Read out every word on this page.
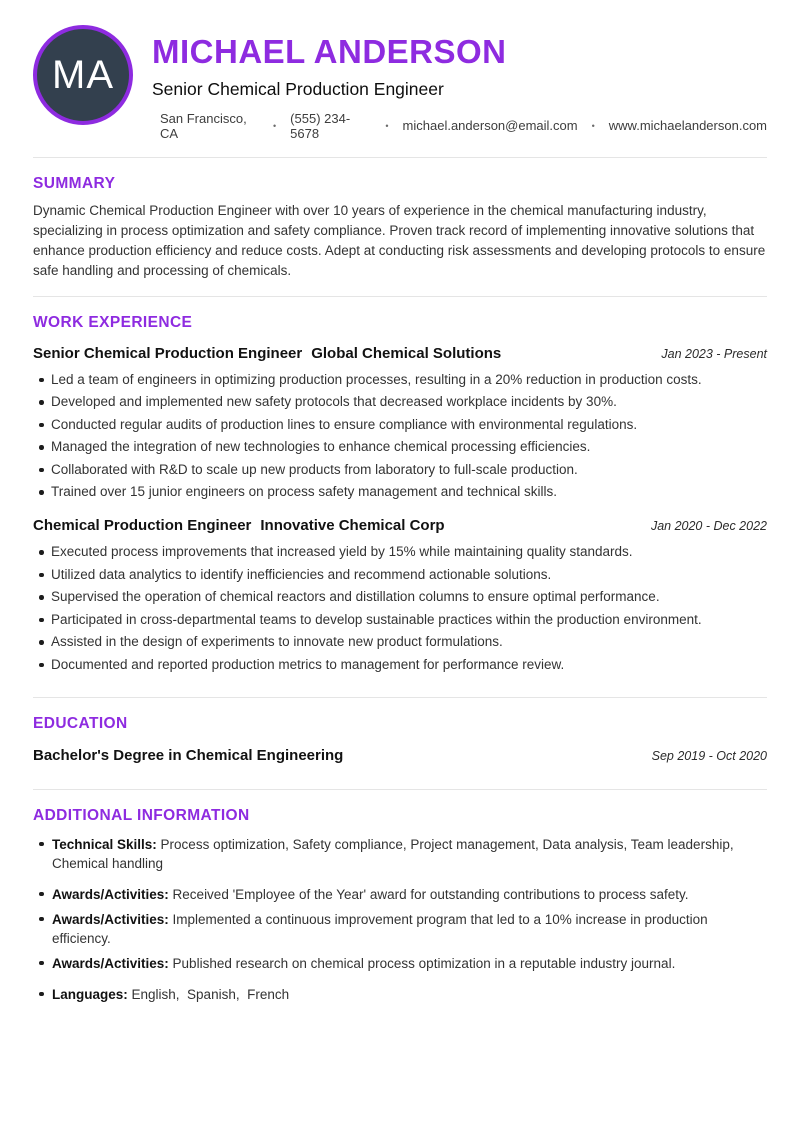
MA
MICHAEL ANDERSON
Senior Chemical Production Engineer
San Francisco, CA	• (555) 234-5678	• michael.anderson@email.com • www.michaelanderson.com
SUMMARY

Dynamic Chemical Production Engineer with over 10 years of experience in the chemical manufacturing industry, specializing in process optimization and safety compliance. Proven track record of implementing innovative solutions that enhance production efficiency and reduce costs. Adept at conducting risk assessments and developing protocols to ensure safe handling and processing of chemicals.

WORK EXPERIENCE
Senior Chemical Production Engineer Global Chemical Solutions	Jan 2023 - Present
Led a team of engineers in optimizing production processes, resulting in a 20% reduction in production costs.
Developed and implemented new safety protocols that decreased workplace incidents by 30%.
Conducted regular audits of production lines to ensure compliance with environmental regulations.
Managed the integration of new technologies to enhance chemical processing efficiencies.
Collaborated with R&D to scale up new products from laboratory to full-scale production.
Trained over 15 junior engineers on process safety management and technical skills.
Chemical Production Engineer Innovative Chemical Corp	Jan 2020 - Dec 2022
Executed process improvements that increased yield by 15% while maintaining quality standards.
Utilized data analytics to identify inefficiencies and recommend actionable solutions.
Supervised the operation of chemical reactors and distillation columns to ensure optimal performance.
Participated in cross-departmental teams to develop sustainable practices within the production environment.
Assisted in the design of experiments to innovate new product formulations.
Documented and reported production metrics to management for performance review.
EDUCATION
Bachelor's Degree in Chemical Engineering	Sep 2019 - Oct 2020
ADDITIONAL INFORMATION
Technical Skills: Process optimization, Safety compliance, Project management, Data analysis, Team leadership, Chemical handling
Awards/Activities: Received 'Employee of the Year' award for outstanding contributions to process safety.
Awards/Activities: Implemented a continuous improvement program that led to a 10% increase in production efficiency.
Awards/Activities: Published research on chemical process optimization in a reputable industry journal.
Languages: English,  Spanish,  French
